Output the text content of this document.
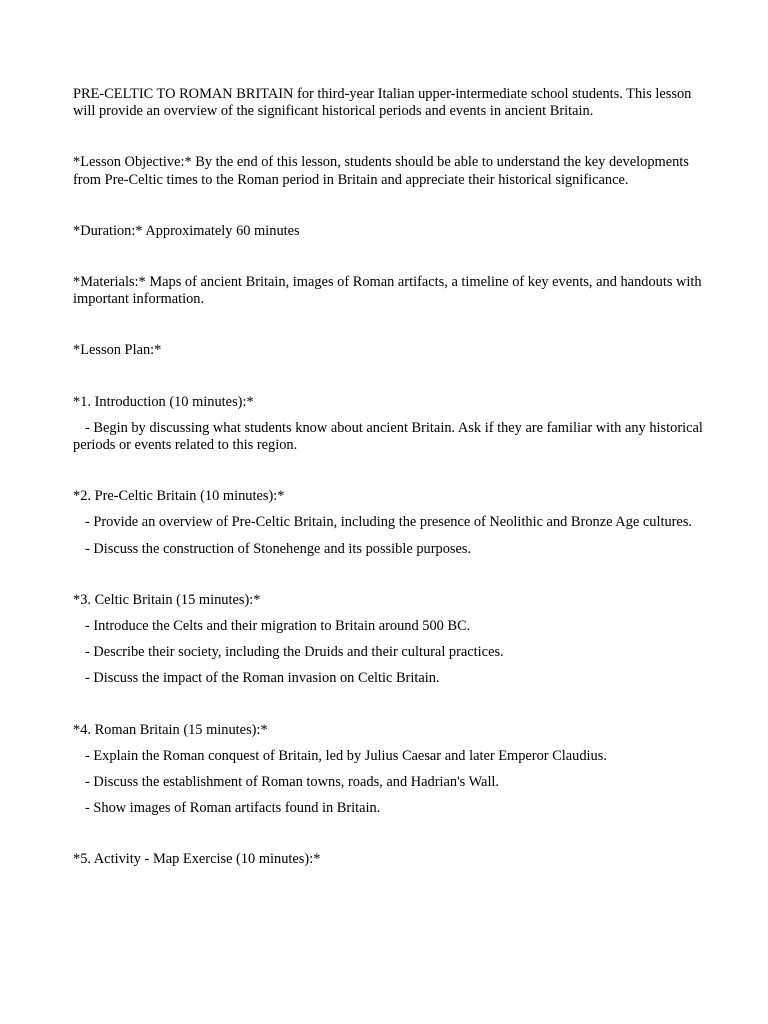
PRE-CELTIC TO ROMAN BRITAIN for third-year Italian upper-intermediate school students. This lesson will provide an overview of the significant historical periods and events in ancient Britain.

*Lesson Objective:* By the end of this lesson, students should be able to understand the key developments from Pre-Celtic times to the Roman period in Britain and appreciate their historical significance.

*Duration:* Approximately 60 minutes

*Materials:* Maps of ancient Britain, images of Roman artifacts, a timeline of key events, and handouts with important information.

*Lesson Plan:*

*1. Introduction (10 minutes):*

- Begin by discussing what students know about ancient Britain. Ask if they are familiar with any historical periods or events related to this region.

*2. Pre-Celtic Britain (10 minutes):*

- Provide an overview of Pre-Celtic Britain, including the presence of Neolithic and Bronze Age cultures.

- Discuss the construction of Stonehenge and its possible purposes.

*3. Celtic Britain (15 minutes):*

- Introduce the Celts and their migration to Britain around 500 BC.

- Describe their society, including the Druids and their cultural practices.

- Discuss the impact of the Roman invasion on Celtic Britain.

*4. Roman Britain (15 minutes):*

- Explain the Roman conquest of Britain, led by Julius Caesar and later Emperor Claudius.

- Discuss the establishment of Roman towns, roads, and Hadrian's Wall.

- Show images of Roman artifacts found in Britain.

*5. Activity - Map Exercise (10 minutes):*
